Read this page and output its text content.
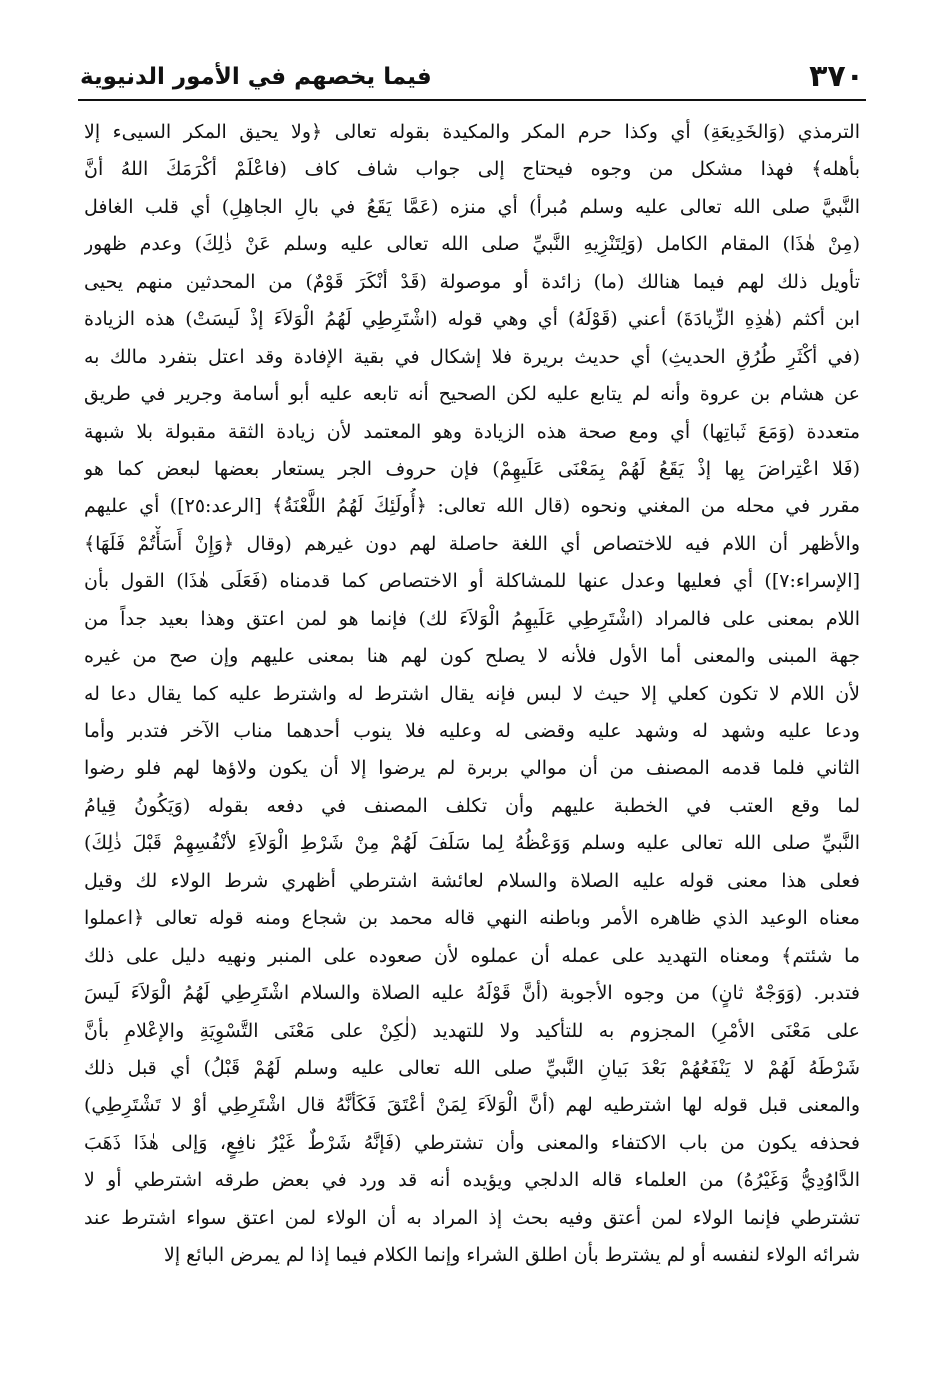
٣٧٠
فيما يخصهم في الأمور الدنيوية
الترمذي (وَالخَدِيعَةِ) أي وكذا حرم المكر والمكيدة بقوله تعالى ﴿ولا يحيق المكر السيىء إلا
بأهله﴾ فهذا مشكل من وجوه فيحتاج إلى جواب شاف كاف (فاعْلَمْ أكْرَمَكَ اللهُ أنَّ
النَّبيَّ صلى الله تعالى عليه وسلم مُبرأ) أي منزه (عَمَّا يَقَعُ في بالِ الجاهِلِ) أي قلب الغافل
(مِنْ هٰذَا) المقام الكامل (وَلِتَنْزِيهِ النَّبيِّ صلى الله تعالى عليه وسلم عَنْ ذٰلِكَ) وعدم ظهور
تأويل ذلك لهم فيما هنالك (ما) زائدة أو موصولة (قَدْ أنْكَرَ قَوْمٌ) من المحدثين منهم يحيى
ابن أكثم (هٰذِهِ الزِّيادَةَ) أعني (قَوْلَهُ) أي وهي قوله (اشْتَرِطِي لَهُمُ الْوَلاَءَ إذْ لَيسَتْ) هذه الزيادة
(في أكْثَرِ طُرُقِ الحديثِ) أي حديث بريرة فلا إشكال في بقية الإفادة وقد اعتل بتفرد مالك به
عن هشام بن عروة وأنه لم يتابع عليه لكن الصحيح أنه تابعه عليه أبو أسامة وجرير في طريق
متعددة (وَمَعَ ثَباتِها) أي ومع صحة هذه الزيادة وهو المعتمد لأن زيادة الثقة مقبولة بلا شبهة
(فَلا اعْتِراضَ بِها إذْ يَقَعُ لَهُمْ بِمَعْنَى عَلَيهِمْ) فإن حروف الجر يستعار بعضها لبعض كما هو
مقرر في محله من المغني ونحوه (قال الله تعالى: ﴿أُولَئِكَ لَهُمُ اللَّعْنَةُ﴾ [الرعد:٢٥]) أي عليهم
والأظهر أن اللام فيه للاختصاص أي اللغة حاصلة لهم دون غيرهم (وقال ﴿وَإِنْ أَسَأْتُمْ فَلَهَا﴾
[الإسراء:٧]) أي فعليها وعدل عنها للمشاكلة أو الاختصاص كما قدمناه (فَعَلَى هٰذَا) القول بأن
اللام بمعنى على فالمراد (اشْتَرِطِي عَلَيهِمُ الْوَلاَءَ لك) فإنما هو لمن اعتق وهذا بعيد جداً من
جهة المبنى والمعنى أما الأول فلأنه لا يصلح كون لهم هنا بمعنى عليهم وإن صح من غيره
لأن اللام لا تكون كعلي إلا حيث لا لبس فإنه يقال اشترط له واشترط عليه كما يقال دعا له
ودعا عليه وشهد له وشهد عليه وقضى له وعليه فلا ينوب أحدهما مناب الآخر فتدبر وأما
الثاني فلما قدمه المصنف من أن موالي بربرة لم يرضوا إلا أن يكون ولاؤها لهم فلو رضوا
لما وقع العتب في الخطبة عليهم وأن تكلف المصنف في دفعه بقوله (وَيَكُونُ قِيامُ
النَّبيِّ صلى الله تعالى عليه وسلم وَوَعْظُهُ لِما سَلَفَ لَهُمْ مِنْ شَرْطِ الْوَلاَءِ لأنْفُسِهِمْ قَبْلَ ذٰلِكَ)
فعلى هذا معنى قوله عليه الصلاة والسلام لعائشة اشترطي أظهري شرط الولاء لك وقيل
معناه الوعيد الذي ظاهره الأمر وباطنه النهي قاله محمد بن شجاع ومنه قوله تعالى ﴿اعملوا
ما شئتم﴾ ومعناه التهديد على عمله أن عملوه لأن صعوده على المنبر ونهيه دليل على ذلك
فتدبر. (وَوَجْهٌ ثانٍ) من وجوه الأجوبة (أنَّ قَوْلَهُ عليه الصلاة والسلام اشْتَرِطِي لَهُمُ الْوَلاَءَ لَيسَ
على مَعْنَى الأمْرِ) المجزوم به للتأكيد ولا للتهديد (لٰكِنْ على مَعْنَى التَّسْوِيَةِ والإعْلامِ بأنَّ
شَرْطَهُ لَهُمْ لا يَنْفَعُهُمْ بَعْدَ بَيانِ النَّبيِّ صلى الله تعالى عليه وسلم لَهُمْ قَبْلُ) أي قبل ذلك
والمعنى قبل قوله لها اشترطيه لهم (أنَّ الْوَلاَءَ لِمَنْ أعْتَقَ فَكَأنَّهُ قال اشْتَرِطِي أوْ لا تَشْتَرِطِي)
فحذفه يكون من باب الاكتفاء والمعنى وأن تشترطي (فَإنَّهُ شَرْطٌ غَيْرُ نافِعٍ، وَإلى هٰذَا ذَهَبَ
الدَّاوُدِيُّ وَغَيْرُهُ) من العلماء قاله الدلجي ويؤيده أنه قد ورد في بعض طرقه اشترطي أو لا
تشترطي فإنما الولاء لمن أعتق وفيه بحث إذ المراد به أن الولاء لمن اعتق سواء اشترط عند
شرائه الولاء لنفسه أو لم يشترط بأن اطلق الشراء وإنما الكلام فيما إذا لم يمرض البائع إلا
